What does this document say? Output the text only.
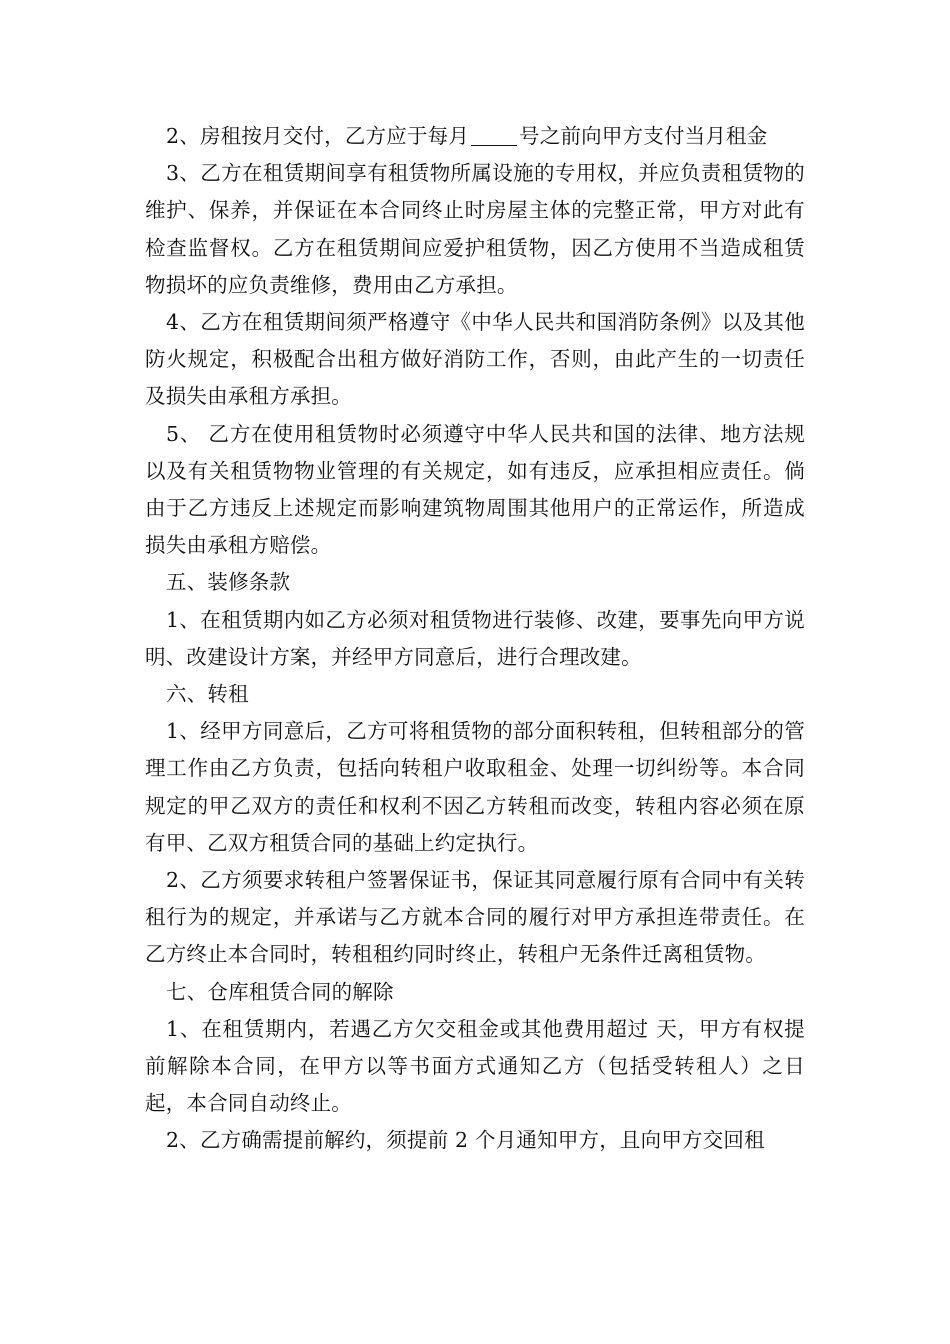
2、房租按月交付，乙方应于每月 号之前向甲方支付当月租金

3、乙方在租赁期间享有租赁物所属设施的专用权，并应负责租赁物的维护、保养，并保证在本合同终止时房屋主体的完整正常，甲方对此有检查监督权。乙方在租赁期间应爱护租赁物，因乙方使用不当造成租赁物损坏的应负责维修，费用由乙方承担。

4、乙方在租赁期间须严格遵守《中华人民共和国消防条例》以及其他防火规定，积极配合出租方做好消防工作，否则，由此产生的一切责任及损失由承租方承担。

5、 乙方在使用租赁物时必须遵守中华人民共和国的法律、地方法规以及有关租赁物物业管理的有关规定，如有违反，应承担相应责任。倘由于乙方违反上述规定而影响建筑物周围其他用户的正常运作，所造成损失由承租方赔偿。

五、装修条款

1、在租赁期内如乙方必须对租赁物进行装修、改建，要事先向甲方说明、改建设计方案，并经甲方同意后，进行合理改建。

六、转租

1、经甲方同意后，乙方可将租赁物的部分面积转租，但转租部分的管理工作由乙方负责，包括向转租户收取租金、处理一切纠纷等。本合同规定的甲乙双方的责任和权利不因乙方转租而改变，转租内容必须在原有甲、乙双方租赁合同的基础上约定执行。

2、乙方须要求转租户签署保证书，保证其同意履行原有合同中有关转租行为的规定，并承诺与乙方就本合同的履行对甲方承担连带责任。在乙方终止本合同时，转租租约同时终止，转租户无条件迁离租赁物。

七、仓库租赁合同的解除

1、在租赁期内，若遇乙方欠交租金或其他费用超过 天，甲方有权提前解除本合同，在甲方以等书面方式通知乙方（包括受转租人）之日起，本合同自动终止。

2、乙方确需提前解约，须提前 2 个月通知甲方，且向甲方交回租
